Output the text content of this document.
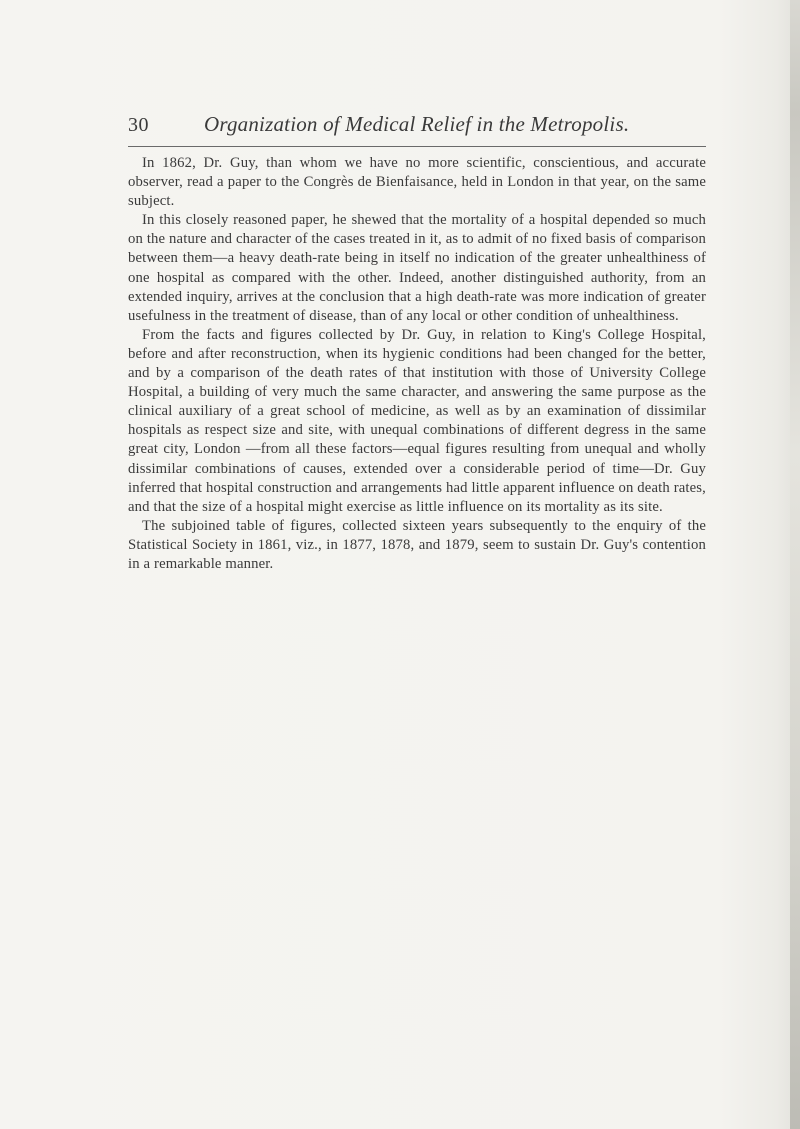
30	Organization of Medical Relief in the Metropolis.

In 1862, Dr. Guy, than whom we have no more scientific, conscientious, and accurate observer, read a paper to the Congrès de Bienfaisance, held in London in that year, on the same subject.

In this closely reasoned paper, he shewed that the mortality of a hospital depended so much on the nature and character of the cases treated in it, as to admit of no fixed basis of comparison between them—a heavy death-rate being in itself no indication of the greater unhealthiness of one hospital as compared with the other. Indeed, another distinguished authority, from an extended inquiry, arrives at the conclusion that a high death-rate was more indication of greater usefulness in the treatment of disease, than of any local or other condition of unhealthiness.

From the facts and figures collected by Dr. Guy, in relation to King's College Hospital, before and after reconstruction, when its hygienic conditions had been changed for the better, and by a comparison of the death rates of that institution with those of University College Hospital, a building of very much the same character, and answering the same purpose as the clinical auxiliary of a great school of medicine, as well as by an examination of dissimilar hospitals as respect size and site, with unequal combinations of different degress in the same great city, London —from all these factors—equal figures resulting from unequal and wholly dissimilar combinations of causes, extended over a considerable period of time—Dr. Guy inferred that hospital construction and arrangements had little apparent influence on death rates, and that the size of a hospital might exercise as little influence on its mortality as its site.

The subjoined table of figures, collected sixteen years subsequently to the enquiry of the Statistical Society in 1861, viz., in 1877, 1878, and 1879, seem to sustain Dr. Guy's contention in a remarkable manner.
